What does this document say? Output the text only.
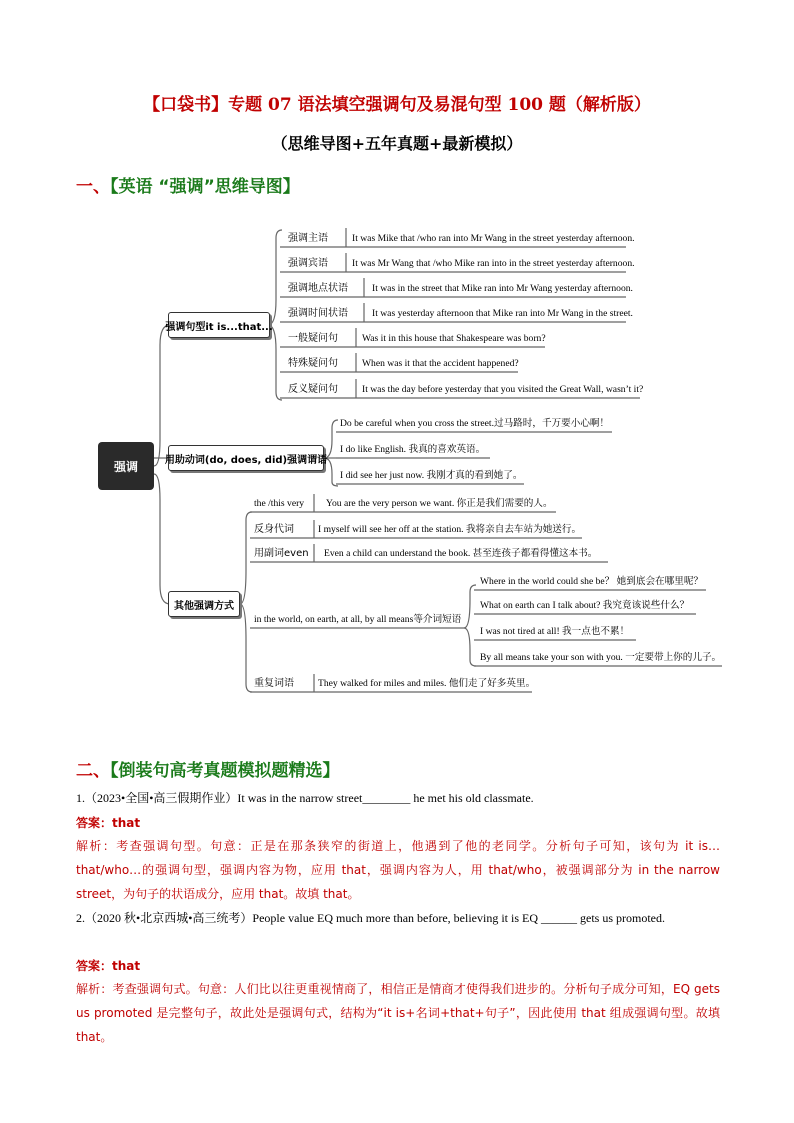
【口袋书】专题 07 语法填空强调句及易混句型 100 题（解析版）
（思维导图+五年真题+最新模拟）
一、【英语 “强调”思维导图】
强调
强调句型it is...that...
用助动词(do, does, did)强调谓语
其他强调方式
强调主语	It was Mike that /who ran into Mr Wang in the street yesterday afternoon.
强调宾语	It was Mr Wang that /who Mike ran into in the street yesterday afternoon.
强调地点状语	It was in the street that Mike ran into Mr Wang yesterday afternoon.
强调时间状语	It was yesterday afternoon that Mike ran into Mr Wang in the street.
一般疑问句	Was it in this house that Shakespeare was born?
特殊疑问句	When was it that the accident happened?
反义疑问句	It was the day before yesterday that you visited the Great Wall, wasn’t it?
Do be careful when you cross the street.过马路时，千万要小心啊！
I do like English. 我真的喜欢英语。
I did see her just now. 我刚才真的看到她了。
the /this very You are the very person we want. 你正是我们需要的人。
反身代词	I myself will see her off at the station. 我将亲自去车站为她送行。
用副词even Even a child can understand the book. 甚至连孩子都看得懂这本书。
in the world, on earth, at all, by all means等介词短语
重复词语	They walked for miles and miles. 他们走了好多英里。
Where in the world could she be？ 她到底会在哪里呢？
What on earth can I talk about? 我究竟该说些什么？
I was not tired at all! 我一点也不累！
By all means take your son with you. 一定要带上你的儿子。
二、【倒装句高考真题模拟题精选】
1.（2023•全国•高三假期作业）It was in the narrow street________ he met his old classmate.
答案：that
解析：考查强调句型。句意：正是在那条狭窄的街道上，他遇到了他的老同学。分析句子可知，该句为 it is… that/who…的强调句型，强调内容为物，应用 that，强调内容为人，用 that/who，被强调部分为 in the narrow street，为句子的状语成分，应用 that。故填 that。
2.（2020 秋•北京西城•高三统考）People value EQ much more than before, believing it is EQ ______ gets us promoted.
答案：that
解析：考查强调句式。句意：人们比以往更重视情商了，相信正是情商才使得我们进步的。分析句子成分可知，EQ gets us promoted 是完整句子，故此处是强调句式，结构为“it is+名词+that+句子”，因此使用 that 组成强调句型。故填 that。
